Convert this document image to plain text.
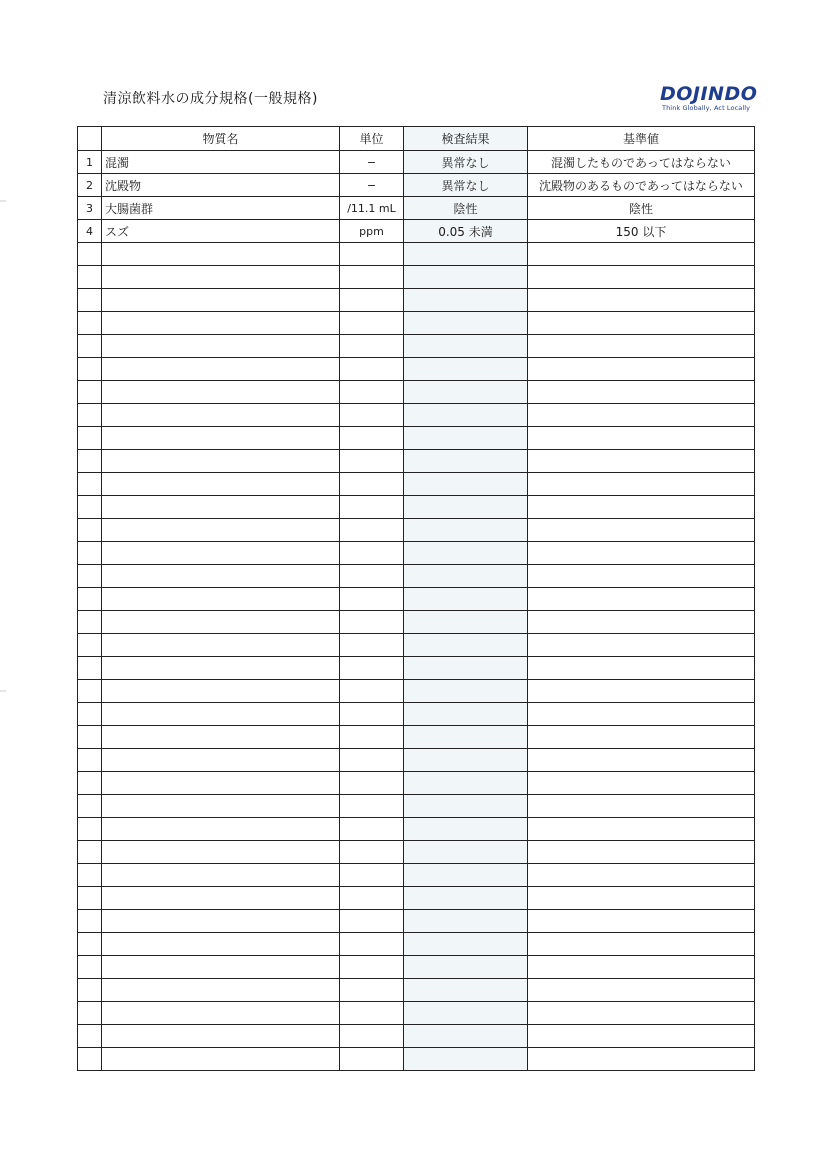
清涼飲料水の成分規格(一般規格)	DOJINDO
Think Globally, Act Locally
	物質名	単位	検査結果	基準値
1	混濁	−	異常なし	混濁したものであってはならない
2	沈殿物	−	異常なし	沈殿物のあるものであってはならない
3	大腸菌群	/11.1 mL	陰性	陰性
4	スズ	ppm	0.05 未満	150 以下
